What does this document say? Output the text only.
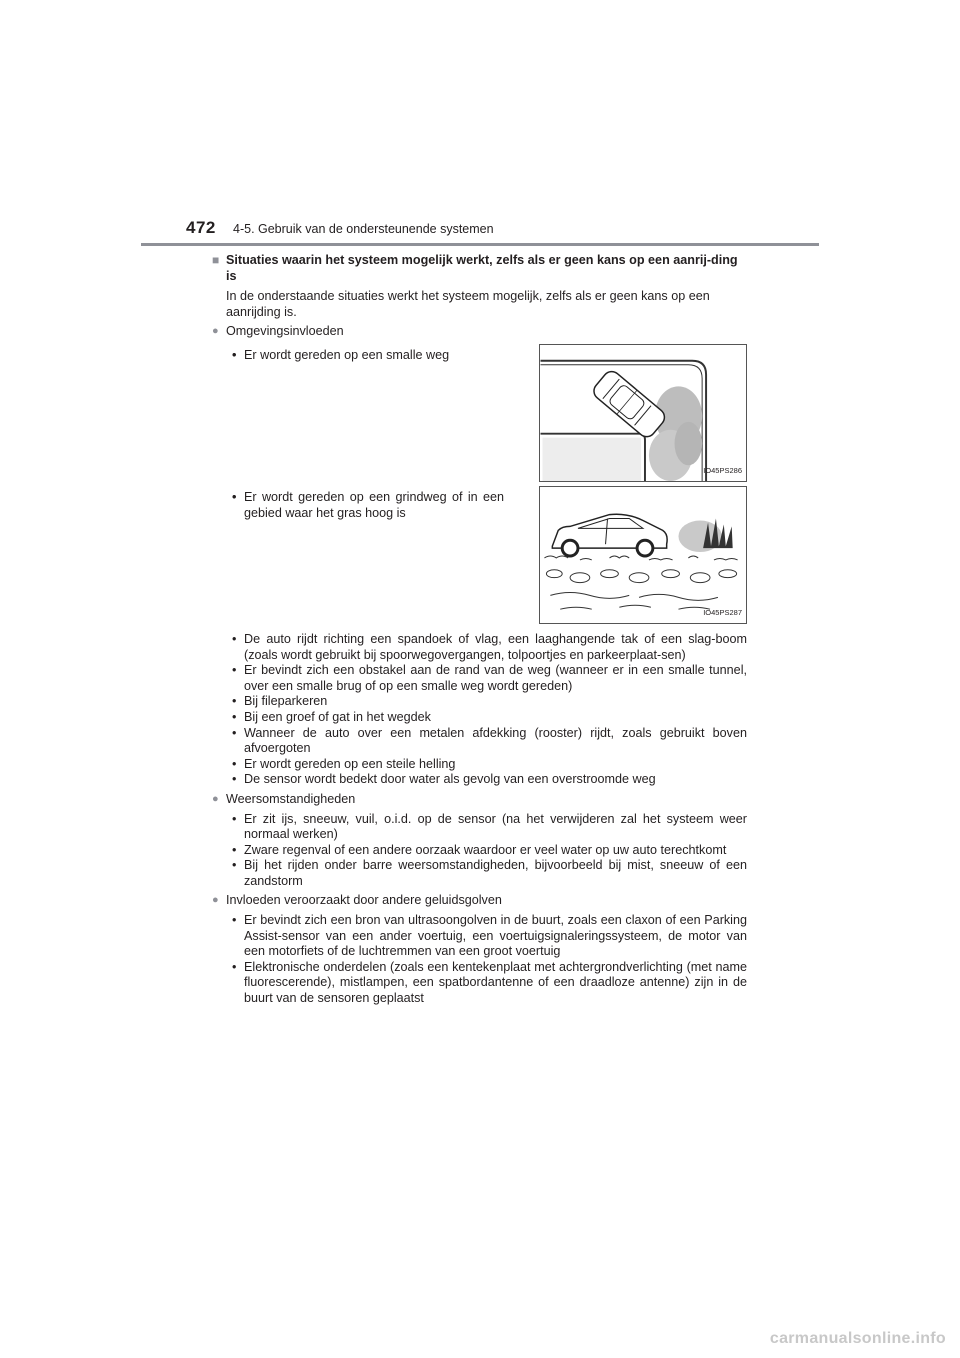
472 4-5. Gebruik van de ondersteunende systemen
■ Situaties waarin het systeem mogelijk werkt, zelfs als er geen kans op een aanrij-ding is
In de onderstaande situaties werkt het systeem mogelijk, zelfs als er geen kans op een aanrijding is.
● Omgevingsinvloeden
• • Er wordt gereden op een smalle weg
IO45PS286
• • Er wordt gereden op een grindweg of in een gebied waar het gras hoog is
IO45PS287
• De auto rijdt richting een spandoek of vlag, een laaghangende tak of een slag-boom (zoals wordt gebruikt bij spoorwegovergangen, tolpoortjes en parkeerplaat-sen)
• Er bevindt zich een obstakel aan de rand van de weg (wanneer er in een smalle tunnel, over een smalle brug of op een smalle weg wordt gereden)
• Bij fileparkeren
• Bij een groef of gat in het wegdek
• Wanneer de auto over een metalen afdekking (rooster) rijdt, zoals gebruikt boven afvoergoten
• Er wordt gereden op een steile helling
• De sensor wordt bedekt door water als gevolg van een overstroomde weg
● Weersomstandigheden
• Er zit ijs, sneeuw, vuil, o.i.d. op de sensor (na het verwijderen zal het systeem weer normaal werken)
• Zware regenval of een andere oorzaak waardoor er veel water op uw auto terechtkomt
• Bij het rijden onder barre weersomstandigheden, bijvoorbeeld bij mist, sneeuw of een zandstorm
● Invloeden veroorzaakt door andere geluidsgolven
• Er bevindt zich een bron van ultrasoongolven in de buurt, zoals een claxon of een Parking Assist-sensor van een ander voertuig, een voertuigsignaleringssysteem, de motor van een motorfiets of de luchtremmen van een groot voertuig
• Elektronische onderdelen (zoals een kentekenplaat met achtergrondverlichting (met name fluorescerende), mistlampen, een spatbordantenne of een draadloze antenne) zijn in de buurt van de sensoren geplaatst
carmanualsonline.info
